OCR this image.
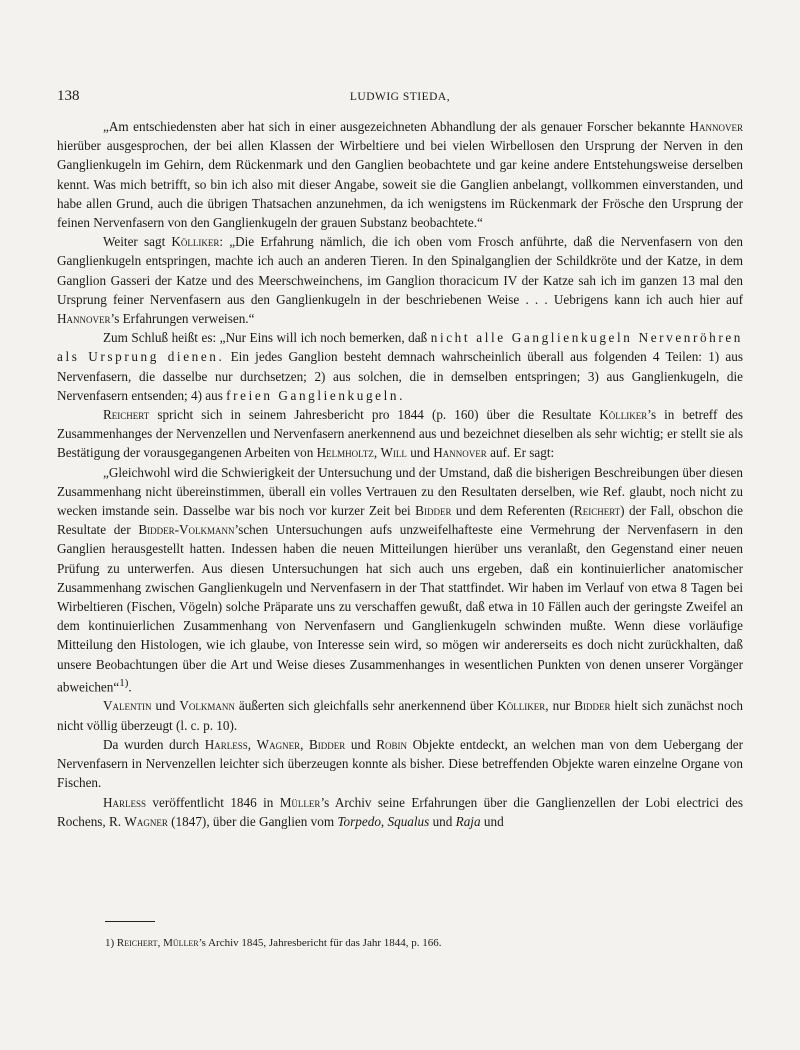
138	LUDWIG STIEDA,

„Am entschiedensten aber hat sich in einer ausgezeichneten Abhandlung der als genauer Forscher bekannte Hannover hierüber ausgesprochen, der bei allen Klassen der Wirbeltiere und bei vielen Wirbellosen den Ursprung der Nerven in den Ganglienkugeln im Gehirn, dem Rückenmark und den Ganglien beobachtete und gar keine andere Entstehungsweise derselben kennt. Was mich betrifft, so bin ich also mit dieser Angabe, soweit sie die Ganglien anbelangt, vollkommen einverstanden, und habe allen Grund, auch die übrigen Thatsachen anzunehmen, da ich wenigstens im Rückenmark der Frösche den Ursprung der feinen Nervenfasern von den Ganglienkugeln der grauen Substanz beobachtete.“

Weiter sagt Kölliker: „Die Erfahrung nämlich, die ich oben vom Frosch anführte, daß die Nervenfasern von den Ganglienkugeln entspringen, machte ich auch an anderen Tieren. In den Spinalganglien der Schildkröte und der Katze, in dem Ganglion Gasseri der Katze und des Meerschweinchens, im Ganglion thoracicum IV der Katze sah ich im ganzen 13 mal den Ursprung feiner Nervenfasern aus den Ganglienkugeln in der beschriebenen Weise . . . Uebrigens kann ich auch hier auf Hannover’s Erfahrungen verweisen.“

Zum Schluß heißt es: „Nur Eins will ich noch bemerken, daß nicht alle Ganglienkugeln Nervenröhren als Ursprung dienen. Ein jedes Ganglion besteht demnach wahrscheinlich überall aus folgenden 4 Teilen: 1) aus Nervenfasern, die dasselbe nur durchsetzen; 2) aus solchen, die in demselben entspringen; 3) aus Ganglienkugeln, die Nervenfasern entsenden; 4) aus freien Ganglienkugeln.

Reichert spricht sich in seinem Jahresbericht pro 1844 (p. 160) über die Resultate Kölliker’s in betreff des Zusammenhanges der Nervenzellen und Nervenfasern anerkennend aus und bezeichnet dieselben als sehr wichtig; er stellt sie als Bestätigung der vorausgegangenen Arbeiten von Helmholtz, Will und Hannover auf. Er sagt:

„Gleichwohl wird die Schwierigkeit der Untersuchung und der Umstand, daß die bisherigen Beschreibungen über diesen Zusammenhang nicht übereinstimmen, überall ein volles Vertrauen zu den Resultaten derselben, wie Ref. glaubt, noch nicht zu wecken imstande sein. Dasselbe war bis noch vor kurzer Zeit bei Bidder und dem Referenten (Reichert) der Fall, obschon die Resultate der Bidder-Volkmann’schen Untersuchungen aufs unzweifelhafteste eine Vermehrung der Nervenfasern in den Ganglien herausgestellt hatten. Indessen haben die neuen Mitteilungen hierüber uns veranlaßt, den Gegenstand einer neuen Prüfung zu unterwerfen. Aus diesen Untersuchungen hat sich auch uns ergeben, daß ein kontinuierlicher anatomischer Zusammenhang zwischen Ganglienkugeln und Nervenfasern in der That stattfindet. Wir haben im Verlauf von etwa 8 Tagen bei Wirbeltieren (Fischen, Vögeln) solche Präparate uns zu verschaffen gewußt, daß etwa in 10 Fällen auch der geringste Zweifel an dem kontinuierlichen Zusammenhang von Nervenfasern und Ganglienkugeln schwinden mußte. Wenn diese vorläufige Mitteilung den Histologen, wie ich glaube, von Interesse sein wird, so mögen wir andererseits es doch nicht zurückhalten, daß unsere Beobachtungen über die Art und Weise dieses Zusammenhanges in wesentlichen Punkten von denen unserer Vorgänger abweichen“$^{1)}$.

Valentin und Volkmann äußerten sich gleichfalls sehr anerkennend über Kölliker, nur Bidder hielt sich zunächst noch nicht völlig überzeugt (l. c. p. 10).

Da wurden durch Harless, Wagner, Bidder und Robin Objekte entdeckt, an welchen man von dem Uebergang der Nervenfasern in Nervenzellen leichter sich überzeugen konnte als bisher. Diese betreffenden Objekte waren einzelne Organe von Fischen.

Harless veröffentlicht 1846 in Müller’s Archiv seine Erfahrungen über die Ganglienzellen der Lobi electrici des Rochens, R. Wagner (1847), über die Ganglien vom Torpedo, Squalus und Raja und

1) Reichert, Müller’s Archiv 1845, Jahresbericht für das Jahr 1844, p. 166.
